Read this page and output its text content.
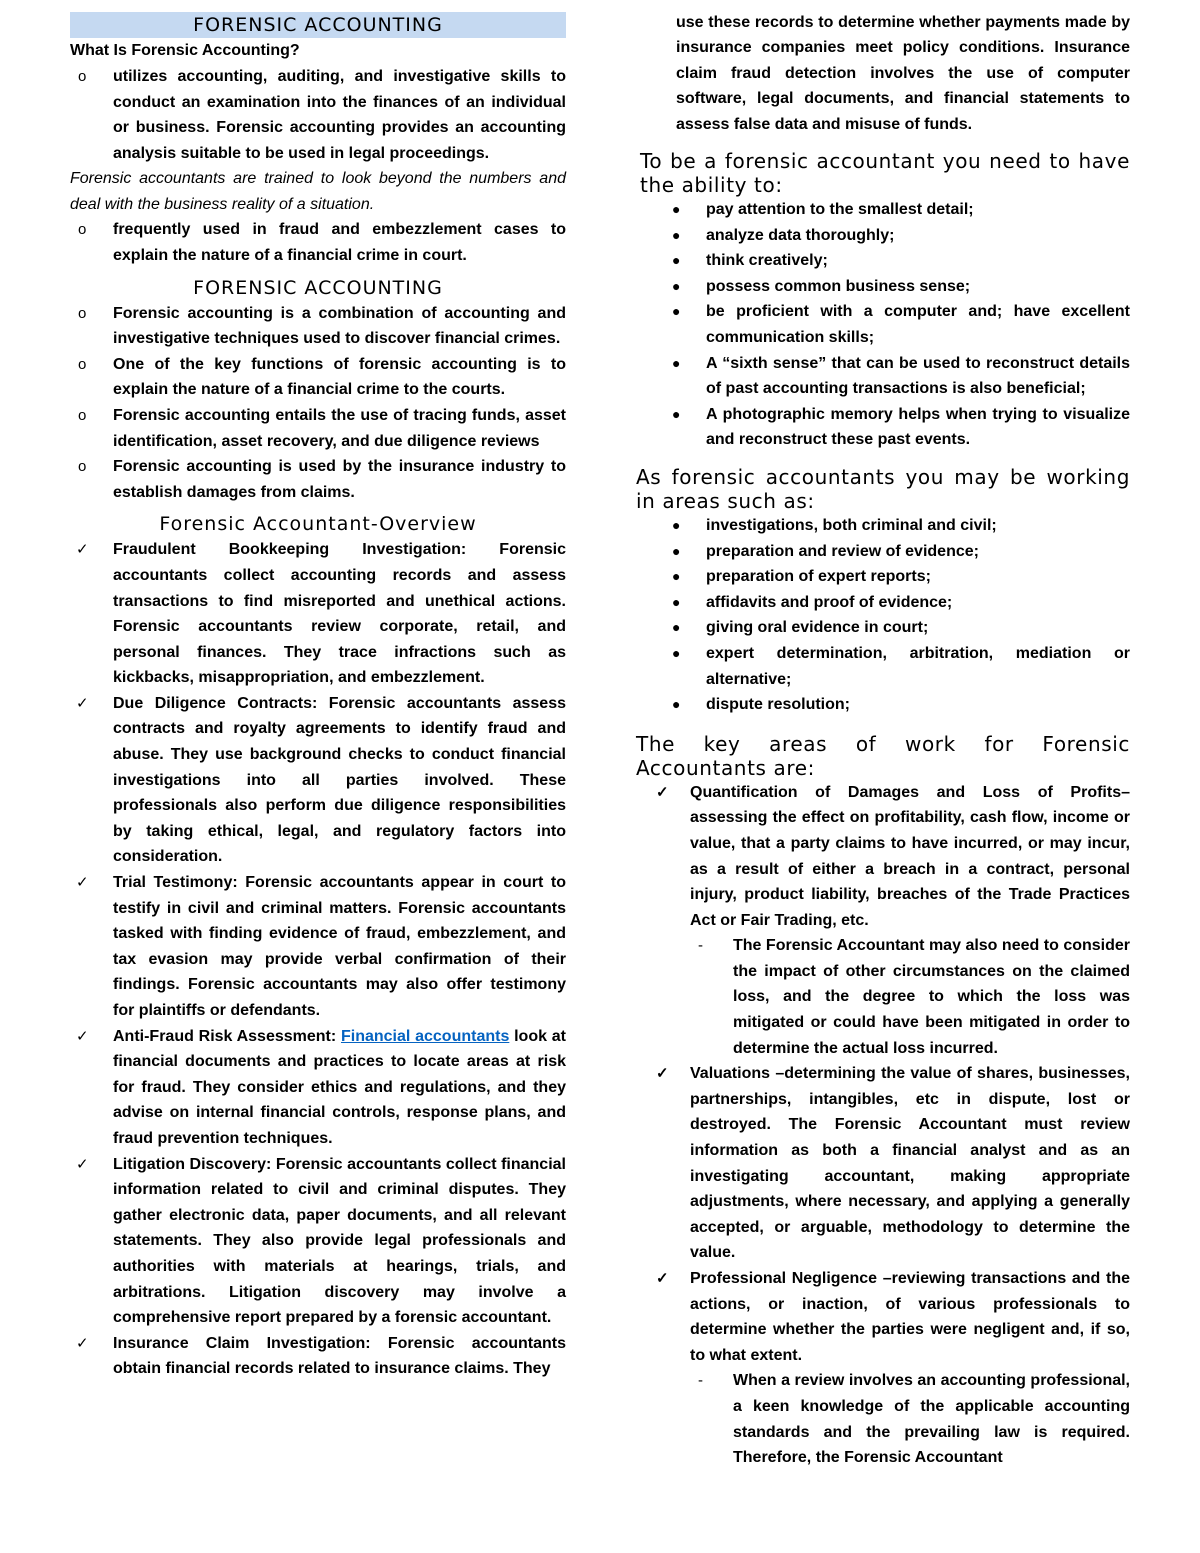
FORENSIC ACCOUNTING
What Is Forensic Accounting?
o utilizes accounting, auditing, and investigative skills to conduct an examination into the finances of an individual or business. Forensic accounting provides an accounting analysis suitable to be used in legal proceedings.
Forensic accountants are trained to look beyond the numbers and deal with the business reality of a situation.
o frequently used in fraud and embezzlement cases to explain the nature of a financial crime in court.
FORENSIC ACCOUNTING
o Forensic accounting is a combination of accounting and investigative techniques used to discover financial crimes.
o One of the key functions of forensic accounting is to explain the nature of a financial crime to the courts.
o Forensic accounting entails the use of tracing funds, asset identification, asset recovery, and due diligence reviews
o Forensic accounting is used by the insurance industry to establish damages from claims.
Forensic Accountant-Overview
✓ Fraudulent Bookkeeping Investigation: Forensic accountants collect accounting records and assess transactions to find misreported and unethical actions. Forensic accountants review corporate, retail, and personal finances. They trace infractions such as kickbacks, misappropriation, and embezzlement.
✓ Due Diligence Contracts: Forensic accountants assess contracts and royalty agreements to identify fraud and abuse. They use background checks to conduct financial investigations into all parties involved. These professionals also perform due diligence responsibilities by taking ethical, legal, and regulatory factors into consideration.
✓ Trial Testimony: Forensic accountants appear in court to testify in civil and criminal matters. Forensic accountants tasked with finding evidence of fraud, embezzlement, and tax evasion may provide verbal confirmation of their findings. Forensic accountants may also offer testimony for plaintiffs or defendants.
✓ Anti-Fraud Risk Assessment: Financial accountants look at financial documents and practices to locate areas at risk for fraud. They consider ethics and regulations, and they advise on internal financial controls, response plans, and fraud prevention techniques.
✓ Litigation Discovery: Forensic accountants collect financial information related to civil and criminal disputes. They gather electronic data, paper documents, and all relevant statements. They also provide legal professionals and authorities with materials at hearings, trials, and arbitrations. Litigation discovery may involve a comprehensive report prepared by a forensic accountant.
✓ Insurance Claim Investigation: Forensic accountants obtain financial records related to insurance claims. They
use these records to determine whether payments made by insurance companies meet policy conditions. Insurance claim fraud detection involves the use of computer software, legal documents, and financial statements to assess false data and misuse of funds.
To be a forensic accountant you need to have the ability to:
● pay attention to the smallest detail;
● analyze data thoroughly;
● think creatively;
● possess common business sense;
● be proficient with a computer and; have excellent communication skills;
● A “sixth sense” that can be used to reconstruct details of past accounting transactions is also beneficial;
● A photographic memory helps when trying to visualize and reconstruct these past events.
As forensic accountants you may be working in areas such as:
● investigations, both criminal and civil;
● preparation and review of evidence;
● preparation of expert reports;
● affidavits and proof of evidence;
● giving oral evidence in court;
● expert determination, arbitration, mediation or alternative;
● dispute resolution;
The key areas of work for Forensic Accountants are:
✓ Quantification of Damages and Loss of Profits– assessing the effect on profitability, cash flow, income or value, that a party claims to have incurred, or may incur, as a result of either a breach in a contract, personal injury, product liability, breaches of the Trade Practices Act or Fair Trading, etc.
- The Forensic Accountant may also need to consider the impact of other circumstances on the claimed loss, and the degree to which the loss was mitigated or could have been mitigated in order to determine the actual loss incurred.
✓ Valuations –determining the value of shares, businesses, partnerships, intangibles, etc in dispute, lost or destroyed. The Forensic Accountant must review information as both a financial analyst and as an investigating accountant, making appropriate adjustments, where necessary, and applying a generally accepted, or arguable, methodology to determine the value.
✓ Professional Negligence –reviewing transactions and the actions, or inaction, of various professionals to determine whether the parties were negligent and, if so, to what extent.
- When a review involves an accounting professional, a keen knowledge of the applicable accounting standards and the prevailing law is required. Therefore, the Forensic Accountant
